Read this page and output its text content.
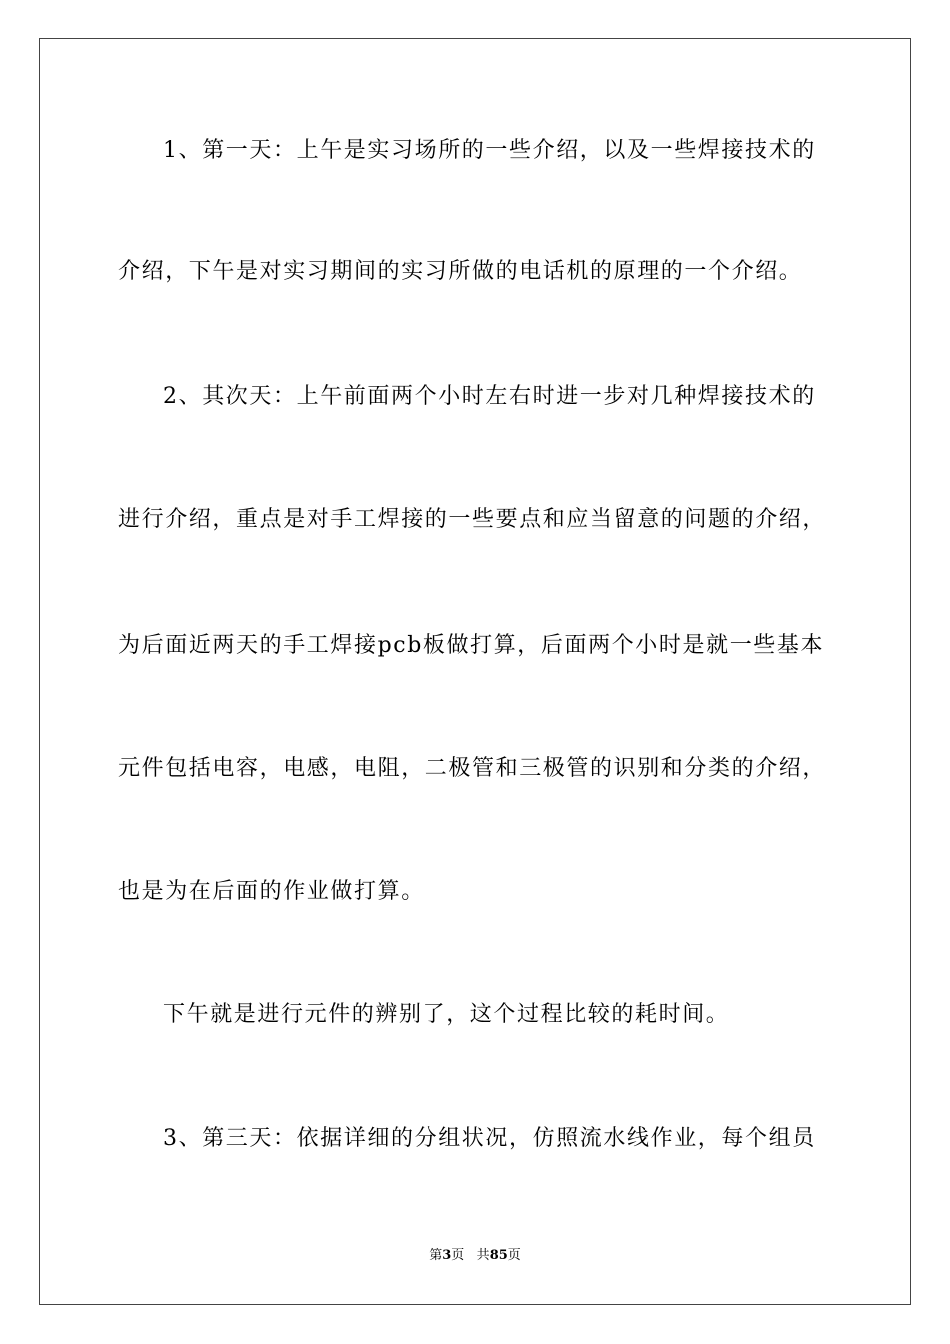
1、第一天：上午是实习场所的一些介绍，以及一些焊接技术的
介绍，下午是对实习期间的实习所做的电话机的原理的一个介绍。
2、其次天：上午前面两个小时左右时进一步对几种焊接技术的
进行介绍，重点是对手工焊接的一些要点和应当留意的问题的介绍，
为后面近两天的手工焊接pcb板做打算，后面两个小时是就一些基本
元件包括电容，电感，电阻，二极管和三极管的识别和分类的介绍，
也是为在后面的作业做打算。
下午就是进行元件的辨别了，这个过程比较的耗时间。
3、第三天：依据详细的分组状况，仿照流水线作业，每个组员
第3页 共85页
